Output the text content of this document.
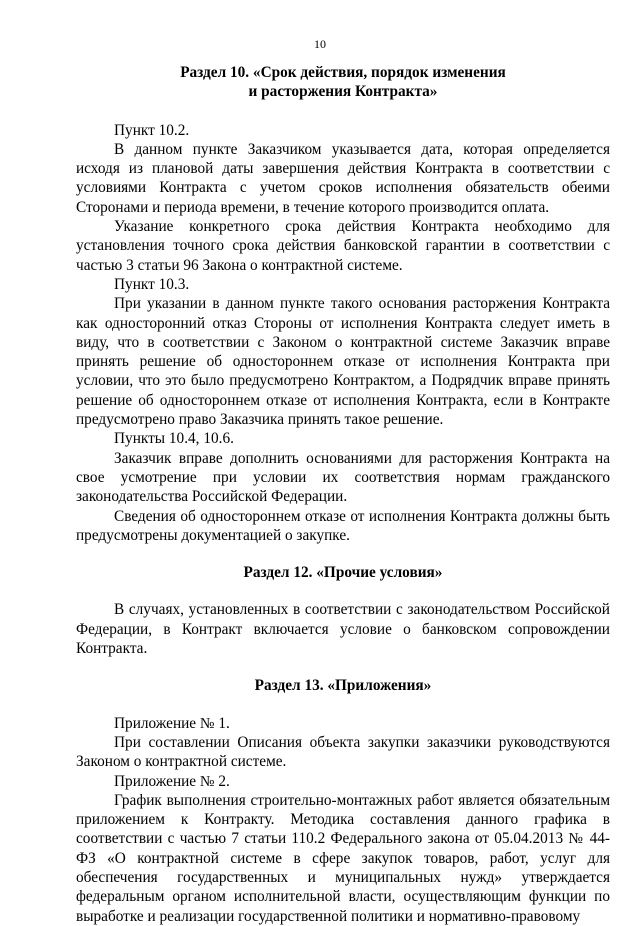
10
Раздел 10. «Срок действия, порядок изменения
и расторжения Контракта»

Пункт 10.2.

В данном пункте Заказчиком указывается дата, которая определяется исходя из плановой даты завершения действия Контракта в соответствии с условиями Контракта с учетом сроков исполнения обязательств обеими Сторонами и периода времени, в течение которого производится оплата.

Указание конкретного срока действия Контракта необходимо для установления точного срока действия банковской гарантии в соответствии с частью 3 статьи 96 Закона о контрактной системе.

Пункт 10.3.

При указании в данном пункте такого основания расторжения Контракта как односторонний отказ Стороны от исполнения Контракта следует иметь в виду, что в соответствии с Законом о контрактной системе Заказчик вправе принять решение об одностороннем отказе от исполнения Контракта при условии, что это было предусмотрено Контрактом, а Подрядчик вправе принять решение об одностороннем отказе от исполнения Контракта, если в Контракте предусмотрено право Заказчика принять такое решение.

Пункты 10.4, 10.6.

Заказчик вправе дополнить основаниями для расторжения Контракта на свое усмотрение при условии их соответствия нормам гражданского законодательства Российской Федерации.

Сведения об одностороннем отказе от исполнения Контракта должны быть предусмотрены документацией о закупке.

Раздел 12. «Прочие условия»

В случаях, установленных в соответствии с законодательством Российской Федерации, в Контракт включается условие о банковском сопровождении Контракта.

Раздел 13. «Приложения»

Приложение № 1.

При составлении Описания объекта закупки заказчики руководствуются Законом о контрактной системе.

Приложение № 2.

График выполнения строительно-монтажных работ является обязательным приложением к Контракту. Методика составления данного графика в соответствии с частью 7 статьи 110.2 Федерального закона от 05.04.2013 № 44-ФЗ «О контрактной системе в сфере закупок товаров, работ, услуг для обеспечения государственных и муниципальных нужд» утверждается федеральным органом исполнительной власти, осуществляющим функции по выработке и реализации государственной политики и нормативно-правовому
